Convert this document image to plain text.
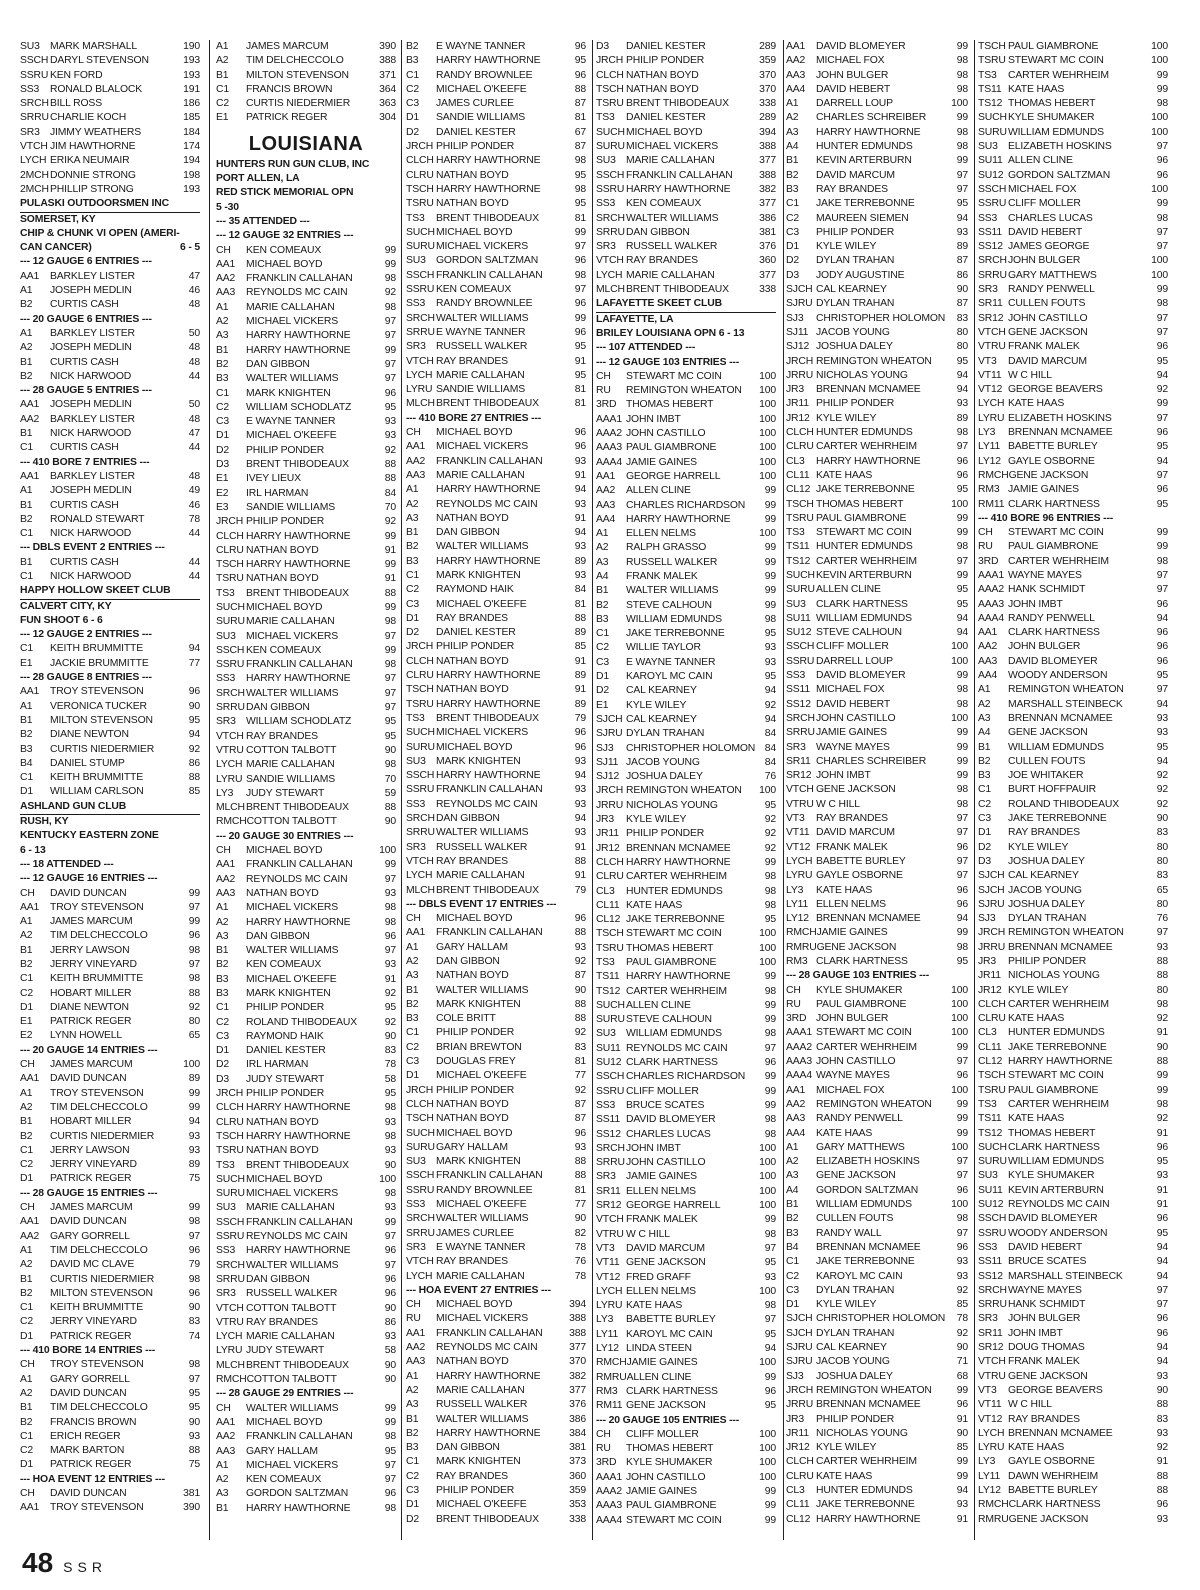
SU3 MARK MARSHALL	190
SSCH DARYL STEVENSON	193
SSRU KEN FORD	193
SS3	RONALD BLALOCK	191
SRCH BILL ROSS	186
SRRU CHARLIE KOCH	185
SR3 JIMMY WEATHERS	184
VTCH JIM HAWTHORNE	174
LYCH ERIKA NEUMAIR	194
2MCH DONNIE STRONG	198
2MCH PHILLIP STRONG	193
PULASKI OUTDOORSMEN INC
SOMERSET, KY
CHIP & CHUNK VI OPEN (AMERI-
CAN CANCER)	6 - 5
--- 12 GAUGE 6 ENTRIES ---
AA1	BARKLEY LISTER	47
A1	JOSEPH MEDLIN	46
B2	CURTIS CASH	48
--- 20 GAUGE 6 ENTRIES ---
A1	BARKLEY LISTER	50
A2	JOSEPH MEDLIN	48
B1	CURTIS CASH	48
B2	NICK HARWOOD	44
--- 28 GAUGE 5 ENTRIES ---
AA1	JOSEPH MEDLIN	50
AA2	BARKLEY LISTER	48
B1	NICK HARWOOD	47
C1	CURTIS CASH	44
--- 410 BORE 7 ENTRIES ---
AA1	BARKLEY LISTER	48
A1	JOSEPH MEDLIN	49
B1	CURTIS CASH	46
B2	RONALD STEWART	78
C1	NICK HARWOOD	44
--- DBLS EVENT 2 ENTRIES ---
B1	CURTIS CASH	44
C1	NICK HARWOOD	44
HAPPY HOLLOW SKEET CLUB
CALVERT CITY, KY
FUN SHOOT 6 - 6
--- 12 GAUGE 2 ENTRIES ---
C1	KEITH BRUMMITTE	94
E1	JACKIE BRUMMITTE	77
--- 28 GAUGE 8 ENTRIES ---
AA1	TROY STEVENSON	96
A1	VERONICA TUCKER	90
B1	MILTON STEVENSON	95
B2	DIANE NEWTON	94
B3	CURTIS NIEDERMIER	92
B4	DANIEL STUMP	86
C1	KEITH BRUMMITTE	88
D1	WILLIAM CARLSON	85
ASHLAND GUN CLUB
RUSH, KY
KENTUCKY EASTERN ZONE
6 - 13
--- 18 ATTENDED ---
--- 12 GAUGE 16 ENTRIES ---
CH	DAVID DUNCAN	99
AA1	TROY STEVENSON	97
A1	JAMES MARCUM	99
A2	TIM DELCHECCOLO	96
B1	JERRY LAWSON	98
B2	JERRY VINEYARD	97
C1	KEITH BRUMMITTE	98
C2	HOBART MILLER	88
D1	DIANE NEWTON	92
E1	PATRICK REGER	80
E2	LYNN HOWELL	65
--- 20 GAUGE 14 ENTRIES ---
CH	JAMES MARCUM	100
AA1	DAVID DUNCAN	89
A1	TROY STEVENSON	99
A2	TIM DELCHECCOLO	99
B1	HOBART MILLER	94
B2	CURTIS NIEDERMIER	93
C1	JERRY LAWSON	93
C2	JERRY VINEYARD	89
D1	PATRICK REGER	75
--- 28 GAUGE 15 ENTRIES ---
CH	JAMES MARCUM	99
AA1	DAVID DUNCAN	98
AA2	GARY GORRELL	97
A1	TIM DELCHECCOLO	96
A2	DAVID MC CLAVE	79
B1	CURTIS NIEDERMIER	98
B2	MILTON STEVENSON	96
C1	KEITH BRUMMITTE	90
C2	JERRY VINEYARD	83
D1	PATRICK REGER	74
--- 410 BORE 14 ENTRIES ---
CH	TROY STEVENSON	98
A1	GARY GORRELL	97
A2	DAVID DUNCAN	95
B1	TIM DELCHECCOLO	95
B2	FRANCIS BROWN	90
C1	ERICH REGER	93
C2	MARK BARTON	88
D1	PATRICK REGER	75
--- HOA EVENT 12 ENTRIES ---
CH	DAVID DUNCAN	381
AA1	TROY STEVENSON	390
A1	JAMES MARCUM	390
A2	TIM DELCHECCOLO	388
B1	MILTON STEVENSON	371
C1	FRANCIS BROWN	364
C2	CURTIS NIEDERMIER	363
E1	PATRICK REGER	304
LOUISIANA
HUNTERS RUN GUN CLUB, INC
PORT ALLEN, LA
RED STICK MEMORIAL OPN
5 -30
--- 35 ATTENDED ---
--- 12 GAUGE 32 ENTRIES ---
CH	KEN COMEAUX	99
AA1	MICHAEL BOYD	99
AA2	FRANKLIN CALLAHAN	98
AA3	REYNOLDS MC CAIN	92
A1	MARIE CALLAHAN	98
A2	MICHAEL VICKERS	97
A3	HARRY HAWTHORNE	97
B1	HARRY HAWTHORNE	99
B2	DAN GIBBON	97
B3	WALTER WILLIAMS	97
C1	MARK KNIGHTEN	96
C2	WILLIAM SCHODLATZ	95
C3	E WAYNE TANNER	93
D1	MICHAEL O'KEEFE	93
D2	PHILIP PONDER	92
D3	BRENT THIBODEAUX	88
E1	IVEY LIEUX	88
E2	IRL HARMAN	84
E3	SANDIE WILLIAMS	70
JRCH PHILIP PONDER	92
CLCH HARRY HAWTHORNE	99
CLRU NATHAN BOYD	91
TSCH HARRY HAWTHORNE	99
TSRU NATHAN BOYD	91
TS3	BRENT THIBODEAUX	88
SUCH MICHAEL BOYD	99
SURU MARIE CALLAHAN	98
SU3 MICHAEL VICKERS	97
SSCH KEN COMEAUX	99
SSRU FRANKLIN CALLAHAN	98
SS3	HARRY HAWTHORNE	97
SRCH WALTER WILLIAMS	97
SRRU DAN GIBBON	97
SR3 WILLIAM SCHODLATZ	95
VTCH RAY BRANDES	95
VTRU COTTON TALBOTT	90
LYCH MARIE CALLAHAN	98
LYRU SANDIE WILLIAMS	70
LY3	JUDY STEWART	59
MLCH BRENT THIBODEAUX	88
RMCH COTTON TALBOTT	90
--- 20 GAUGE 30 ENTRIES ---
CH	MICHAEL BOYD	100
AA1	FRANKLIN CALLAHAN	99
AA2	REYNOLDS MC CAIN	97
AA3	NATHAN BOYD	93
A1	MICHAEL VICKERS	98
A2	HARRY HAWTHORNE	98
A3	DAN GIBBON	96
B1	WALTER WILLIAMS	97
B2	KEN COMEAUX	93
B3	MICHAEL O'KEEFE	91
B3	MARK KNIGHTEN	92
C1	PHILIP PONDER	95
C2	ROLAND THIBODEAUX	92
C3	RAYMOND HAIK	90
D1	DANIEL KESTER	83
D2	IRL HARMAN	78
D3	JUDY STEWART	58
JRCH PHILIP PONDER	95
CLCH HARRY HAWTHORNE	98
CLRU NATHAN BOYD	93
TSCH HARRY HAWTHORNE	98
TSRU NATHAN BOYD	93
TS3	BRENT THIBODEAUX	90
SUCH MICHAEL BOYD	100
SURU MICHAEL VICKERS	98
SU3 MARIE CALLAHAN	93
SSCH FRANKLIN CALLAHAN	99
SSRU REYNOLDS MC CAIN	97
SS3	HARRY HAWTHORNE	96
SRCH WALTER WILLIAMS	97
SRRU DAN GIBBON	96
SR3 RUSSELL WALKER	96
VTCH COTTON TALBOTT	90
VTRU RAY BRANDES	86
LYCH MARIE CALLAHAN	93
LYRU JUDY STEWART	58
MLCH BRENT THIBODEAUX	90
RMCH COTTON TALBOTT	90
--- 28 GAUGE 29 ENTRIES ---
CH	WALTER WILLIAMS	99
AA1	MICHAEL BOYD	99
AA2	FRANKLIN CALLAHAN	98
AA3	GARY HALLAM	95
A1	MICHAEL VICKERS	97
A2	KEN COMEAUX	97
A3	GORDON SALTZMAN	96
B1	HARRY HAWTHORNE	98
B2	E WAYNE TANNER	96
B3	HARRY HAWTHORNE	95
C1	RANDY BROWNLEE	96
C2	MICHAEL O'KEEFE	88
C3	JAMES CURLEE	87
D1	SANDIE WILLIAMS	81
D2	DANIEL KESTER	67
JRCH PHILIP PONDER	87
CLCH HARRY HAWTHORNE	98
CLRU NATHAN BOYD	95
TSCH HARRY HAWTHORNE	98
TSRU NATHAN BOYD	95
TS3	BRENT THIBODEAUX	81
SUCH MICHAEL BOYD	99
SURU MICHAEL VICKERS	97
SU3 GORDON SALTZMAN	96
SSCH FRANKLIN CALLAHAN	98
SSRU KEN COMEAUX	97
SS3	RANDY BROWNLEE	96
SRCH WALTER WILLIAMS	99
SRRU E WAYNE TANNER	96
SR3 RUSSELL WALKER	95
VTCH RAY BRANDES	91
LYCH MARIE CALLAHAN	95
LYRU SANDIE WILLIAMS	81
MLCH BRENT THIBODEAUX	81
--- 410 BORE 27 ENTRIES ---
CH	MICHAEL BOYD	96
AA1	MICHAEL VICKERS	96
AA2	FRANKLIN CALLAHAN	93
AA3	MARIE CALLAHAN	91
A1	HARRY HAWTHORNE	94
A2	REYNOLDS MC CAIN	93
A3	NATHAN BOYD	91
B1	DAN GIBBON	94
B2	WALTER WILLIAMS	93
B3	HARRY HAWTHORNE	89
C1	MARK KNIGHTEN	93
C2	RAYMOND HAIK	84
C3	MICHAEL O'KEEFE	81
D1	RAY BRANDES	88
D2	DANIEL KESTER	89
JRCH PHILIP PONDER	85
CLCH NATHAN BOYD	91
CLRU HARRY HAWTHORNE	89
TSCH NATHAN BOYD	91
TSRU HARRY HAWTHORNE	89
TS3	BRENT THIBODEAUX	79
SUCH MICHAEL VICKERS	96
SURU MICHAEL BOYD	96
SU3 MARK KNIGHTEN	93
SSCH HARRY HAWTHORNE	94
SSRU FRANKLIN CALLAHAN	93
SS3	REYNOLDS MC CAIN	93
SRCH DAN GIBBON	94
SRRU WALTER WILLIAMS	93
SR3 RUSSELL WALKER	91
VTCH RAY BRANDES	88
LYCH MARIE CALLAHAN	91
MLCH BRENT THIBODEAUX	79
--- DBLS EVENT 17 ENTRIES ---
CH	MICHAEL BOYD	96
AA1	FRANKLIN CALLAHAN	88
A1	GARY HALLAM	93
A2	DAN GIBBON	92
A3	NATHAN BOYD	87
B1	WALTER WILLIAMS	90
B2	MARK KNIGHTEN	88
B3	COLE BRITT	88
C1	PHILIP PONDER	92
C2	BRIAN BREWTON	83
C3	DOUGLAS FREY	81
D1	MICHAEL O'KEEFE	77
JRCH PHILIP PONDER	92
CLCH NATHAN BOYD	87
TSCH NATHAN BOYD	87
SUCH MICHAEL BOYD	96
SURU GARY HALLAM	93
SU3 MARK KNIGHTEN	88
SSCH FRANKLIN CALLAHAN	88
SSRU RANDY BROWNLEE	81
SS3	MICHAEL O'KEEFE	77
SRCH WALTER WILLIAMS	90
SRRU JAMES CURLEE	82
SR3 E WAYNE TANNER	78
VTCH RAY BRANDES	76
LYCH MARIE CALLAHAN	78
--- HOA EVENT 27 ENTRIES ---
CH	MICHAEL BOYD	394
RU	MICHAEL VICKERS	388
AA1	FRANKLIN CALLAHAN	388
AA2	REYNOLDS MC CAIN	377
AA3	NATHAN BOYD	370
A1	HARRY HAWTHORNE	382
A2	MARIE CALLAHAN	377
A3	RUSSELL WALKER	376
B1	WALTER WILLIAMS	386
B2	HARRY HAWTHORNE	384
B3	DAN GIBBON	381
C1	MARK KNIGHTEN	373
C2	RAY BRANDES	360
C3	PHILIP PONDER	359
D1	MICHAEL O'KEEFE	353
D2	BRENT THIBODEAUX	338
D3	DANIEL KESTER	289
JRCH PHILIP PONDER	359
CLCH NATHAN BOYD	370
TSCH NATHAN BOYD	370
TSRU BRENT THIBODEAUX	338
TS3	DANIEL KESTER	289
SUCH MICHAEL BOYD	394
SURU MICHAEL VICKERS	388
SU3 MARIE CALLAHAN	377
SSCH FRANKLIN CALLAHAN	388
SSRU HARRY HAWTHORNE	382
SS3	KEN COMEAUX	377
SRCH WALTER WILLIAMS	386
SRRU DAN GIBBON	381
SR3 RUSSELL WALKER	376
VTCH RAY BRANDES	360
LYCH MARIE CALLAHAN	377
MLCH BRENT THIBODEAUX	338
LAFAYETTE SKEET CLUB
LAFAYETTE, LA
BRILEY LOUISIANA OPN 6 - 13
--- 107 ATTENDED ---
--- 12 GAUGE 103 ENTRIES ---
CH	STEWART MC COIN	100
RU	REMINGTON WHEATON	100
3RD THOMAS HEBERT	100
AAA1 JOHN IMBT	100
AAA2 JOHN CASTILLO	100
AAA3 PAUL GIAMBRONE	100
AAA4 JAMIE GAINES	100
AA1	GEORGE HARRELL	100
AA2	ALLEN CLINE	99
AA3	CHARLES RICHARDSON	99
AA4	HARRY HAWTHORNE	99
A1	ELLEN NELMS	100
A2	RALPH GRASSO	99
A3	RUSSELL WALKER	99
A4	FRANK MALEK	99
B1	WALTER WILLIAMS	99
B2	STEVE CALHOUN	99
B3	WILLIAM EDMUNDS	98
C1	JAKE TERREBONNE	95
C2	WILLIE TAYLOR	93
C3	E WAYNE TANNER	93
D1	KAROYL MC CAIN	95
D2	CAL KEARNEY	94
E1	KYLE WILEY	92
SJCH CAL KEARNEY	94
SJRU DYLAN TRAHAN	84
SJ3	CHRISTOPHER HOLOMON 84
SJ11 JACOB YOUNG	84
SJ12 JOSHUA DALEY	76
JRCH REMINGTON WHEATON	100
JRRU NICHOLAS YOUNG	95
JR3	KYLE WILEY	92
JR11 PHILIP PONDER	92
JR12 BRENNAN MCNAMEE	92
CLCH HARRY HAWTHORNE	99
CLRU CARTER WEHRHEIM	98
CL3	HUNTER EDMUNDS	98
CL11 KATE HAAS	98
CL12 JAKE TERREBONNE	95
TSCH STEWART MC COIN	100
TSRU THOMAS HEBERT	100
TS3	PAUL GIAMBRONE	100
TS11 HARRY HAWTHORNE	99
TS12 CARTER WEHRHEIM	98
SUCH ALLEN CLINE	99
SURU STEVE CALHOUN	99
SU3 WILLIAM EDMUNDS	98
SU11 REYNOLDS MC CAIN	97
SU12 CLARK HARTNESS	96
SSCH CHARLES RICHARDSON	99
SSRU CLIFF MOLLER	99
SS3	BRUCE SCATES	99
SS11 DAVID BLOMEYER	98
SS12 CHARLES LUCAS	98
SRCH JOHN IMBT	100
SRRU JOHN CASTILLO	100
SR3 JAMIE GAINES	100
SR11 ELLEN NELMS	100
SR12 GEORGE HARRELL	100
VTCH FRANK MALEK	99
VTRU W C HILL	98
VT3	DAVID MARCUM	97
VT11 GENE JACKSON	95
VT12 FRED GRAFF	93
LYCH ELLEN NELMS	100
LYRU KATE HAAS	98
LY3	BABETTE BURLEY	97
LY11 KAROYL MC CAIN	95
LY12 LINDA STEEN	94
RMCH JAMIE GAINES	100
RMRU ALLEN CLINE	99
RM3 CLARK HARTNESS	96
RM11 GENE JACKSON	95
--- 20 GAUGE 105 ENTRIES ---
CH	CLIFF MOLLER	100
RU	THOMAS HEBERT	100
3RD KYLE SHUMAKER	100
AAA1 JOHN CASTILLO	100
AAA2 JAMIE GAINES	99
AAA3 PAUL GIAMBRONE	99
AAA4 STEWART MC COIN	99
AA1	DAVID BLOMEYER	99
AA2	MICHAEL FOX	98
AA3	JOHN BULGER	98
AA4	DAVID HEBERT	98
A1	DARRELL LOUP	100
A2	CHARLES SCHREIBER	99
A3	HARRY HAWTHORNE	98
A4	HUNTER EDMUNDS	98
B1	KEVIN ARTERBURN	99
B2	DAVID MARCUM	97
B3	RAY BRANDES	97
C1	JAKE TERREBONNE	95
C2	MAUREEN SIEMEN	94
C3	PHILIP PONDER	93
D1	KYLE WILEY	89
D2	DYLAN TRAHAN	87
D3	JODY AUGUSTINE	86
SJCH CAL KEARNEY	90
SJRU DYLAN TRAHAN	87
SJ3	CHRISTOPHER HOLOMON	83
SJ11 JACOB YOUNG	80
SJ12 JOSHUA DALEY	80
JRCH REMINGTON WHEATON	95
JRRU NICHOLAS YOUNG	94
JR3	BRENNAN MCNAMEE	94
JR11 PHILIP PONDER	93
JR12 KYLE WILEY	89
CLCH HUNTER EDMUNDS	98
CLRU CARTER WEHRHEIM	97
CL3	HARRY HAWTHORNE	96
CL11 KATE HAAS	96
CL12 JAKE TERREBONNE	95
TSCH THOMAS HEBERT	100
TSRU PAUL GIAMBRONE	99
TS3	STEWART MC COIN	99
TS11 HUNTER EDMUNDS	98
TS12 CARTER WEHRHEIM	97
SUCH KEVIN ARTERBURN	99
SURU ALLEN CLINE	95
SU3 CLARK HARTNESS	95
SU11 WILLIAM EDMUNDS	94
SU12 STEVE CALHOUN	94
SSCH CLIFF MOLLER	100
SSRU DARRELL LOUP	100
SS3	DAVID BLOMEYER	99
SS11 MICHAEL FOX	98
SS12 DAVID HEBERT	98
SRCH JOHN CASTILLO	100
SRRU JAMIE GAINES	99
SR3 WAYNE MAYES	99
SR11 CHARLES SCHREIBER	99
SR12 JOHN IMBT	99
VTCH GENE JACKSON	98
VTRU W C HILL	98
VT3	RAY BRANDES	97
VT11 DAVID MARCUM	97
VT12 FRANK MALEK	96
LYCH BABETTE BURLEY	97
LYRU GAYLE OSBORNE	97
LY3	KATE HAAS	96
LY11 ELLEN NELMS	96
LY12 BRENNAN MCNAMEE	94
RMCH JAMIE GAINES	99
RMRU GENE JACKSON	98
RM3 CLARK HARTNESS	95
--- 28 GAUGE 103 ENTRIES ---
CH	KYLE SHUMAKER	100
RU	PAUL GIAMBRONE	100
3RD JOHN BULGER	100
AAA1 STEWART MC COIN	100
AAA2 CARTER WEHRHEIM	99
AAA3 JOHN CASTILLO	97
AAA4 WAYNE MAYES	96
AA1	MICHAEL FOX	100
AA2	REMINGTON WHEATON	99
AA3	RANDY PENWELL	99
AA4	KATE HAAS	99
A1	GARY MATTHEWS	100
A2	ELIZABETH HOSKINS	97
A3	GENE JACKSON	97
A4	GORDON SALTZMAN	96
B1	WILLIAM EDMUNDS	100
B2	CULLEN FOUTS	98
B3	RANDY WALL	97
B4	BRENNAN MCNAMEE	96
C1	JAKE TERREBONNE	93
C2	KAROYL MC CAIN	93
C3	DYLAN TRAHAN	92
D1	KYLE WILEY	85
SJCH CHRISTOPHER HOLOMON	78
SJCH DYLAN TRAHAN	92
SJRU CAL KEARNEY	90
SJRU JACOB YOUNG	71
SJ3	JOSHUA DALEY	68
JRCH REMINGTON WHEATON	99
JRRU BRENNAN MCNAMEE	96
JR3	PHILIP PONDER	91
JR11 NICHOLAS YOUNG	90
JR12 KYLE WILEY	85
CLCH CARTER WEHRHEIM	99
CLRU KATE HAAS	99
CL3	HUNTER EDMUNDS	94
CL11 JAKE TERREBONNE	93
CL12 HARRY HAWTHORNE	91
TSCH PAUL GIAMBRONE	100
TSRU STEWART MC COIN	100
TS3	CARTER WEHRHEIM	99
TS11 KATE HAAS	99
TS12 THOMAS HEBERT	98
SUCH KYLE SHUMAKER	100
SURU WILLIAM EDMUNDS	100
SU3 ELIZABETH HOSKINS	97
SU11 ALLEN CLINE	96
SU12 GORDON SALTZMAN	96
SSCH MICHAEL FOX	100
SSRU CLIFF MOLLER	99
SS3	CHARLES LUCAS	98
SS11 DAVID HEBERT	97
SS12 JAMES GEORGE	97
SRCH JOHN BULGER	100
SRRU GARY MATTHEWS	100
SR3 RANDY PENWELL	99
SR11 CULLEN FOUTS	98
SR12 JOHN CASTILLO	97
VTCH GENE JACKSON	97
VTRU FRANK MALEK	96
VT3	DAVID MARCUM	95
VT11 W C HILL	94
VT12 GEORGE BEAVERS	92
LYCH KATE HAAS	99
LYRU ELIZABETH HOSKINS	97
LY3	BRENNAN MCNAMEE	96
LY11 BABETTE BURLEY	95
LY12 GAYLE OSBORNE	94
RMCH GENE JACKSON	97
RM3 JAMIE GAINES	96
RM11 CLARK HARTNESS	95
--- 410 BORE 96 ENTRIES ---
CH	STEWART MC COIN	99
RU	PAUL GIAMBRONE	99
3RD CARTER WEHRHEIM	98
AAA1 WAYNE MAYES	97
AAA2 HANK SCHMIDT	97
AAA3 JOHN IMBT	96
AAA4 RANDY PENWELL	94
AA1	CLARK HARTNESS	96
AA2	JOHN BULGER	96
AA3	DAVID BLOMEYER	96
AA4	WOODY ANDERSON	95
A1	REMINGTON WHEATON	97
A2	MARSHALL STEINBECK	94
A3	BRENNAN MCNAMEE	93
A4	GENE JACKSON	93
B1	WILLIAM EDMUNDS	95
B2	CULLEN FOUTS	94
B3	JOE WHITAKER	92
C1	BURT HOFFPAUIR	92
C2	ROLAND THIBODEAUX	92
C3	JAKE TERREBONNE	90
D1	RAY BRANDES	83
D2	KYLE WILEY	80
D3	JOSHUA DALEY	80
SJCH CAL KEARNEY	83
SJCH JACOB YOUNG	65
SJRU JOSHUA DALEY	80
SJ3	DYLAN TRAHAN	76
JRCH REMINGTON WHEATON	97
JRRU BRENNAN MCNAMEE	93
JR3	PHILIP PONDER	88
JR11 NICHOLAS YOUNG	88
JR12 KYLE WILEY	80
CLCH CARTER WEHRHEIM	98
CLRU KATE HAAS	92
CL3	HUNTER EDMUNDS	91
CL11 JAKE TERREBONNE	90
CL12 HARRY HAWTHORNE	88
TSCH STEWART MC COIN	99
TSRU PAUL GIAMBRONE	99
TS3	CARTER WEHRHEIM	98
TS11 KATE HAAS	92
TS12 THOMAS HEBERT	91
SUCH CLARK HARTNESS	96
SURU WILLIAM EDMUNDS	95
SU3 KYLE SHUMAKER	93
SU11 KEVIN ARTERBURN	91
SU12 REYNOLDS MC CAIN	91
SSCH DAVID BLOMEYER	96
SSRU WOODY ANDERSON	95
SS3	DAVID HEBERT	94
SS11 BRUCE SCATES	94
SS12 MARSHALL STEINBECK	94
SRCH WAYNE MAYES	97
SRRU HANK SCHMIDT	97
SR3 JOHN BULGER	96
SR11 JOHN IMBT	96
SR12 DOUG THOMAS	94
VTCH FRANK MALEK	94
VTRU GENE JACKSON	93
VT3	GEORGE BEAVERS	90
VT11 W C HILL	88
VT12 RAY BRANDES	83
LYCH BRENNAN MCNAMEE	93
LYRU KATE HAAS	92
LY3	GAYLE OSBORNE	91
LY11 DAWN WEHRHEIM	88
LY12 BABETTE BURLEY	88
RMCH CLARK HARTNESS	96
RMRU GENE JACKSON	93
48 SSR
